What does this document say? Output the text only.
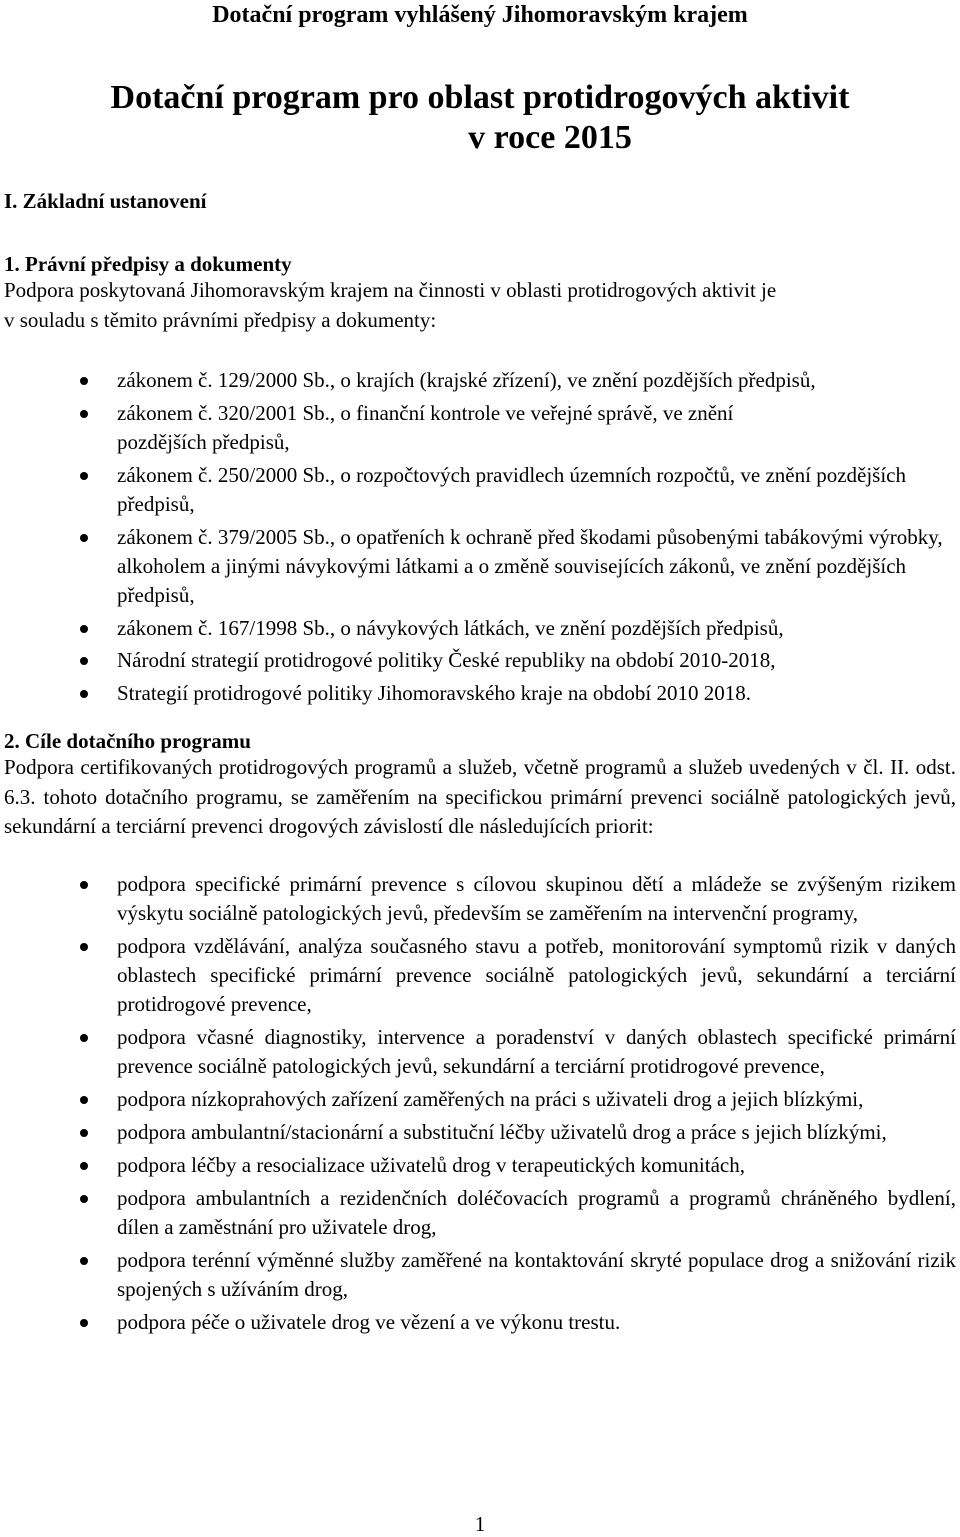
Dotační program vyhlášený Jihomoravským krajem
Dotační program pro oblast protidrogových aktivit
v roce 2015
I. Základní ustanovení
1. Právní předpisy a dokumenty
Podpora poskytovaná Jihomoravským krajem na činnosti v oblasti protidrogových aktivit je
v souladu s těmito právními předpisy a dokumenty:
zákonem č. 129/2000 Sb., o krajích (krajské zřízení), ve znění pozdějších předpisů,
zákonem č. 320/2001 Sb., o finanční kontrole ve veřejné správě, ve znění pozdějších předpisů,
zákonem č. 250/2000 Sb., o rozpočtových pravidlech územních rozpočtů, ve znění pozdějších předpisů,
zákonem č. 379/2005 Sb., o opatřeních k ochraně před škodami působenými tabákovými výrobky, alkoholem a jinými návykovými látkami a o změně souvisejících zákonů, ve znění pozdějších předpisů,
zákonem č. 167/1998 Sb., o návykových látkách, ve znění pozdějších předpisů,
Národní strategií protidrogové politiky České republiky na období 2010-2018,
Strategií protidrogové politiky Jihomoravského kraje na období 2010 2018.
2. Cíle dotačního programu
Podpora certifikovaných protidrogových programů a služeb, včetně programů a služeb uvedených v čl. II. odst. 6.3. tohoto dotačního programu, se zaměřením na specifickou primární prevenci sociálně patologických jevů, sekundární a terciární prevenci drogových závislostí dle následujících priorit:
podpora specifické primární prevence s cílovou skupinou dětí a mládeže se zvýšeným rizikem výskytu sociálně patologických jevů, především se zaměřením na intervenční programy,
podpora vzdělávání, analýza současného stavu a potřeb, monitorování symptomů rizik v daných oblastech specifické primární prevence sociálně patologických jevů, sekundární a terciární protidrogové prevence,
podpora včasné diagnostiky, intervence a poradenství v daných oblastech specifické primární prevence sociálně patologických jevů, sekundární a terciární protidrogové prevence,
podpora nízkoprahových zařízení zaměřených na práci s uživateli drog a jejich blízkými,
podpora ambulantní/stacionární a substituční léčby uživatelů drog a práce s jejich blízkými,
podpora léčby a resocializace uživatelů drog v terapeutických komunitách,
podpora ambulantních a rezidenčních doléčovacích programů a programů chráněného bydlení, dílen a zaměstnání pro uživatele drog,
podpora terénní výměnné služby zaměřené na kontaktování skryté populace drog a snižování rizik spojených s užíváním drog,
podpora péče o uživatele drog ve vězení a ve výkonu trestu.
1
